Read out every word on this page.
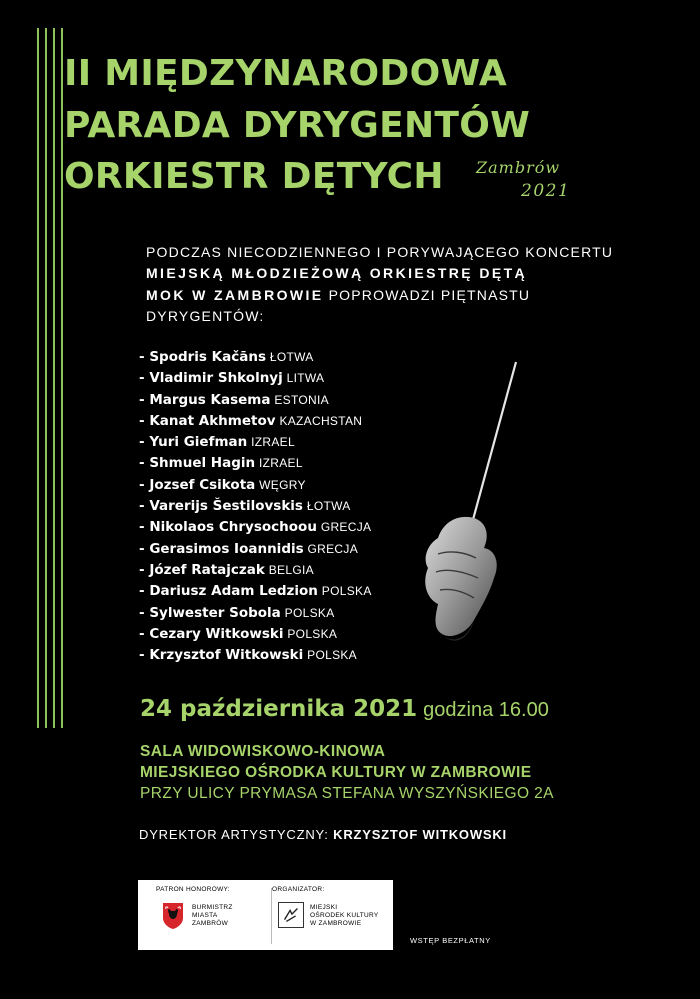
II MIĘDZYNARODOWA
PARADA DYRYGENTÓW
ORKIESTR DĘTYCH Zambrów
2021
PODCZAS NIECODZIENNEGO I PORYWAJĄCEGO KONCERTU
MIEJSKĄ MŁODZIEŻOWĄ ORKIESTRĘ DĘTĄ
MOK W ZAMBROWIE POPROWADZI PIĘTNASTU
DYRYGENTÓW:
- Spodris Kačāns ŁOTWA
- Vladimir Shkolnyj LITWA
- Margus Kasema ESTONIA
- Kanat Akhmetov KAZACHSTAN
- Yuri Giefman IZRAEL
- Shmuel Hagin IZRAEL
- Jozsef Csikota WĘGRY
- Varerijs Šestilovskis ŁOTWA
- Nikolaos Chrysochoou GRECJA
- Gerasimos Ioannidis GRECJA
- Józef Ratajczak BELGIA
- Dariusz Adam Ledzion POLSKA
- Sylwester Sobola POLSKA
- Cezary Witkowski POLSKA
- Krzysztof Witkowski POLSKA
24 października 2021 godzina 16.00
SALA WIDOWISKOWO-KINOWA
MIEJSKIEGO OŚRODKA KULTURY W ZAMBROWIE
PRZY ULICY PRYMASA STEFANA WYSZYŃSKIEGO 2A
DYREKTOR ARTYSTYCZNY: KRZYSZTOF WITKOWSKI
PATRON HONOROWY:
BURMISTRZ
MIASTA
ZAMBRÓW
ORGANIZATOR:
MIEJSKI
OŚRODEK KULTURY
W ZAMBROWIE
WSTĘP BEZPŁATNY
